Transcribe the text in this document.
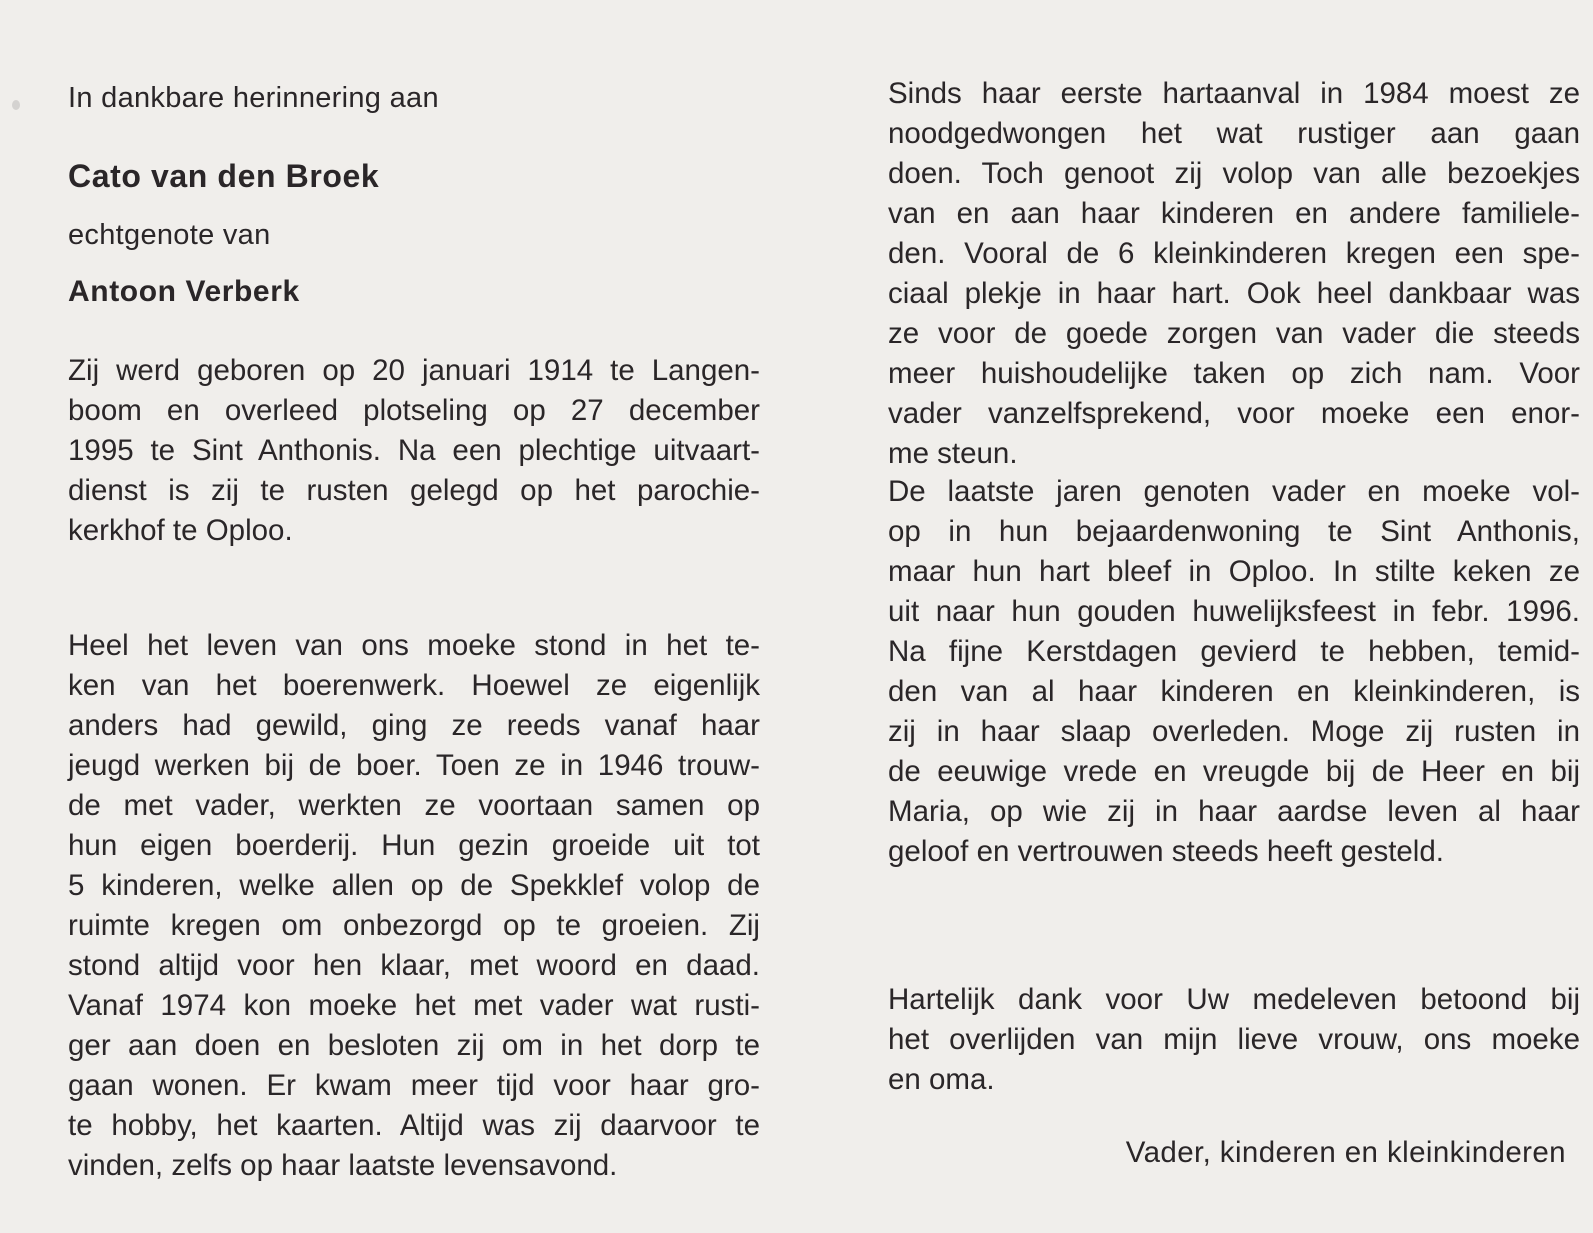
In dankbare herinnering aan
Cato van den Broek
echtgenote van
Antoon Verberk
Zij werd geboren op 20 januari 1914 te Langen-
boom en overleed plotseling op 27 december
1995 te Sint Anthonis. Na een plechtige uitvaart-
dienst is zij te rusten gelegd op het parochie-
kerkhof te Oploo.
Heel het leven van ons moeke stond in het te-
ken van het boerenwerk. Hoewel ze eigenlijk
anders had gewild, ging ze reeds vanaf haar
jeugd werken bij de boer. Toen ze in 1946 trouw-
de met vader, werkten ze voortaan samen op
hun eigen boerderij. Hun gezin groeide uit tot
5 kinderen, welke allen op de Spekklef volop de
ruimte kregen om onbezorgd op te groeien. Zij
stond altijd voor hen klaar, met woord en daad.
Vanaf 1974 kon moeke het met vader wat rusti-
ger aan doen en besloten zij om in het dorp te
gaan wonen. Er kwam meer tijd voor haar gro-
te hobby, het kaarten. Altijd was zij daarvoor te
vinden, zelfs op haar laatste levensavond.
Sinds haar eerste hartaanval in 1984 moest ze
noodgedwongen het wat rustiger aan gaan
doen. Toch genoot zij volop van alle bezoekjes
van en aan haar kinderen en andere familiele-
den. Vooral de 6 kleinkinderen kregen een spe-
ciaal plekje in haar hart. Ook heel dankbaar was
ze voor de goede zorgen van vader die steeds
meer huishoudelijke taken op zich nam. Voor
vader vanzelfsprekend, voor moeke een enor-
me steun.
De laatste jaren genoten vader en moeke vol-
op in hun bejaardenwoning te Sint Anthonis,
maar hun hart bleef in Oploo. In stilte keken ze
uit naar hun gouden huwelijksfeest in febr. 1996.
Na fijne Kerstdagen gevierd te hebben, temid-
den van al haar kinderen en kleinkinderen, is
zij in haar slaap overleden. Moge zij rusten in
de eeuwige vrede en vreugde bij de Heer en bij
Maria, op wie zij in haar aardse leven al haar
geloof en vertrouwen steeds heeft gesteld.
Hartelijk dank voor Uw medeleven betoond bij
het overlijden van mijn lieve vrouw, ons moeke
en oma.
Vader, kinderen en kleinkinderen
